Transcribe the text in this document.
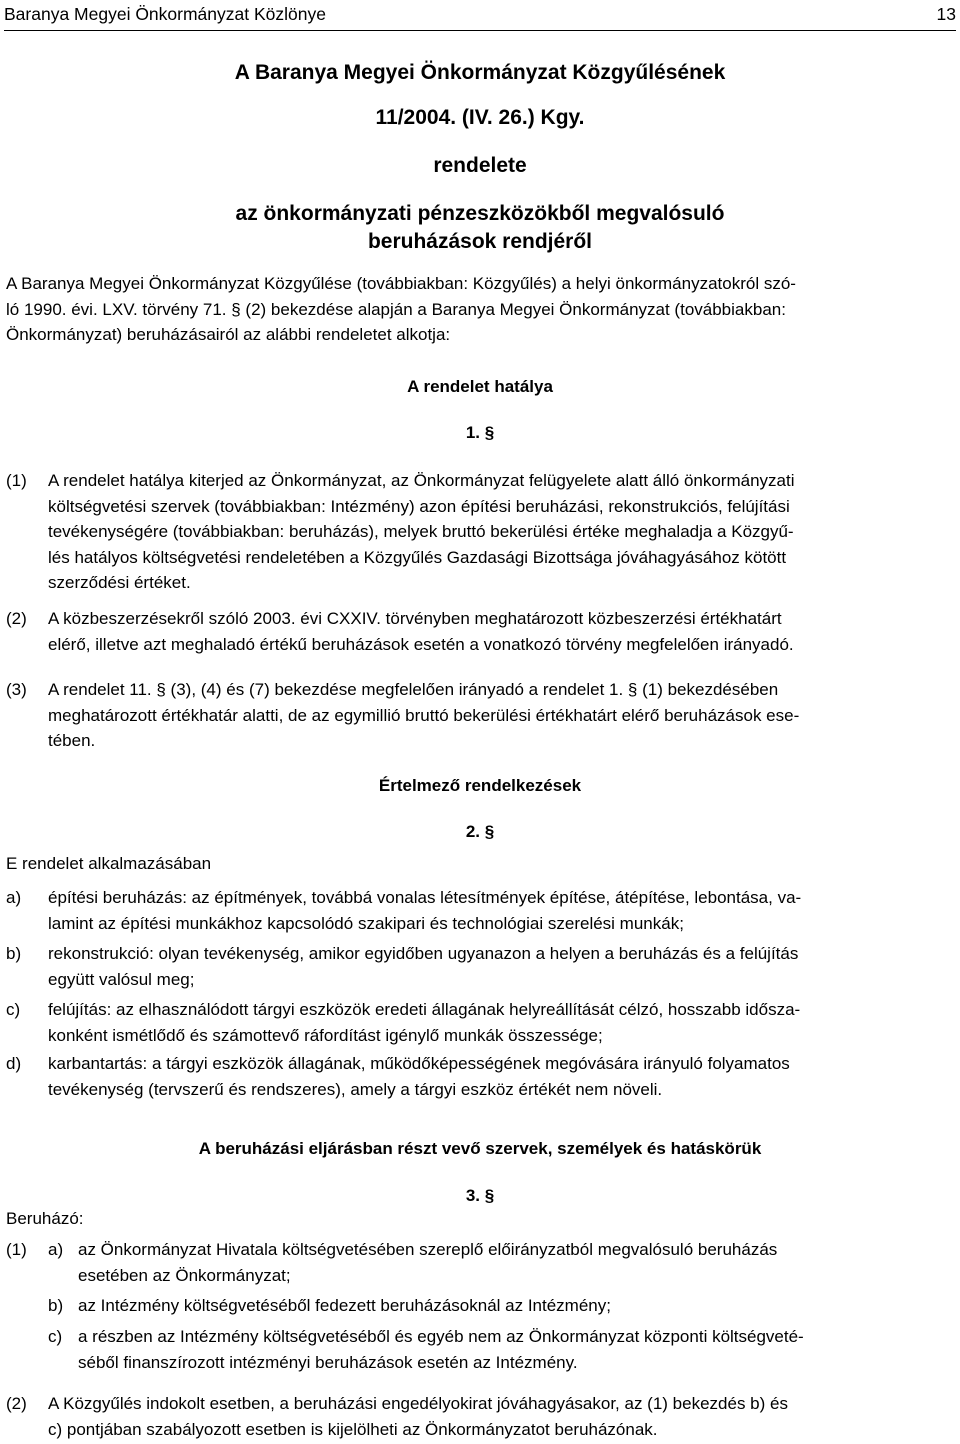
Baranya Megyei Önkormányzat Közlönye	13
A Baranya Megyei Önkormányzat Közgyűlésének
11/2004. (IV. 26.) Kgy.
rendelete
az önkormányzati pénzeszközökből megvalósuló
beruházások rendjéről
A Baranya Megyei Önkormányzat Közgyűlése (továbbiakban: Közgyűlés) a helyi önkormányzatokról szó-
ló 1990. évi. LXV. törvény 71. § (2) bekezdése alapján a Baranya Megyei Önkormányzat (továbbiakban:
Önkormányzat) beruházásairól az alábbi rendeletet alkotja:
A rendelet hatálya
1. §
(1) A rendelet hatálya kiterjed az Önkormányzat, az Önkormányzat felügyelete alatt álló önkormányzati
költségvetési szervek (továbbiakban: Intézmény) azon építési beruházási, rekonstrukciós, felújítási
tevékenységére (továbbiakban: beruházás), melyek bruttó bekerülési értéke meghaladja a Közgyű-
lés hatályos költségvetési rendeletében a Közgyűlés Gazdasági Bizottsága jóváhagyásához kötött
szerződési értéket.
(2) A közbeszerzésekről szóló 2003. évi CXXIV. törvényben meghatározott közbeszerzési értékhatárt
elérő, illetve azt meghaladó értékű beruházások esetén a vonatkozó törvény megfelelően irányadó.
(3) A rendelet 11. § (3), (4) és (7) bekezdése megfelelően irányadó a rendelet 1. § (1) bekezdésében
meghatározott értékhatár alatti, de az egymillió bruttó bekerülési értékhatárt elérő beruházások ese-
tében.
Értelmező rendelkezések
2. §
E rendelet alkalmazásában
a) építési beruházás: az építmények, továbbá vonalas létesítmények építése, átépítése, lebontása, va-
lamint az építési munkákhoz kapcsolódó szakipari és technológiai szerelési munkák;
b) rekonstrukció: olyan tevékenység, amikor egyidőben ugyanazon a helyen a beruházás és a felújítás
együtt valósul meg;
c) felújítás: az elhasználódott tárgyi eszközök eredeti állagának helyreállítását célzó, hosszabb idősza-
konként ismétlődő és számottevő ráfordítást igénylő munkák összessége;
d) karbantartás: a tárgyi eszközök állagának, működőképességének megóvására irányuló folyamatos
tevékenység (tervszerű és rendszeres), amely a tárgyi eszköz értékét nem növeli.
A beruházási eljárásban részt vevő szervek, személyek és hatáskörük
3. §
Beruházó:
(1) a) az Önkormányzat Hivatala költségvetésében szereplő előirányzatból megvalósuló beruházás
esetében az Önkormányzat;
b) az Intézmény költségvetéséből fedezett beruházásoknál az Intézmény;
c) a részben az Intézmény költségvetéséből és egyéb nem az Önkormányzat központi költségveté-
séből finanszírozott intézményi beruházások esetén az Intézmény.
(2) A Közgyűlés indokolt esetben, a beruházási engedélyokirat jóváhagyásakor, az (1) bekezdés b) és
c) pontjában szabályozott esetben is kijelölheti az Önkormányzatot beruházónak.
